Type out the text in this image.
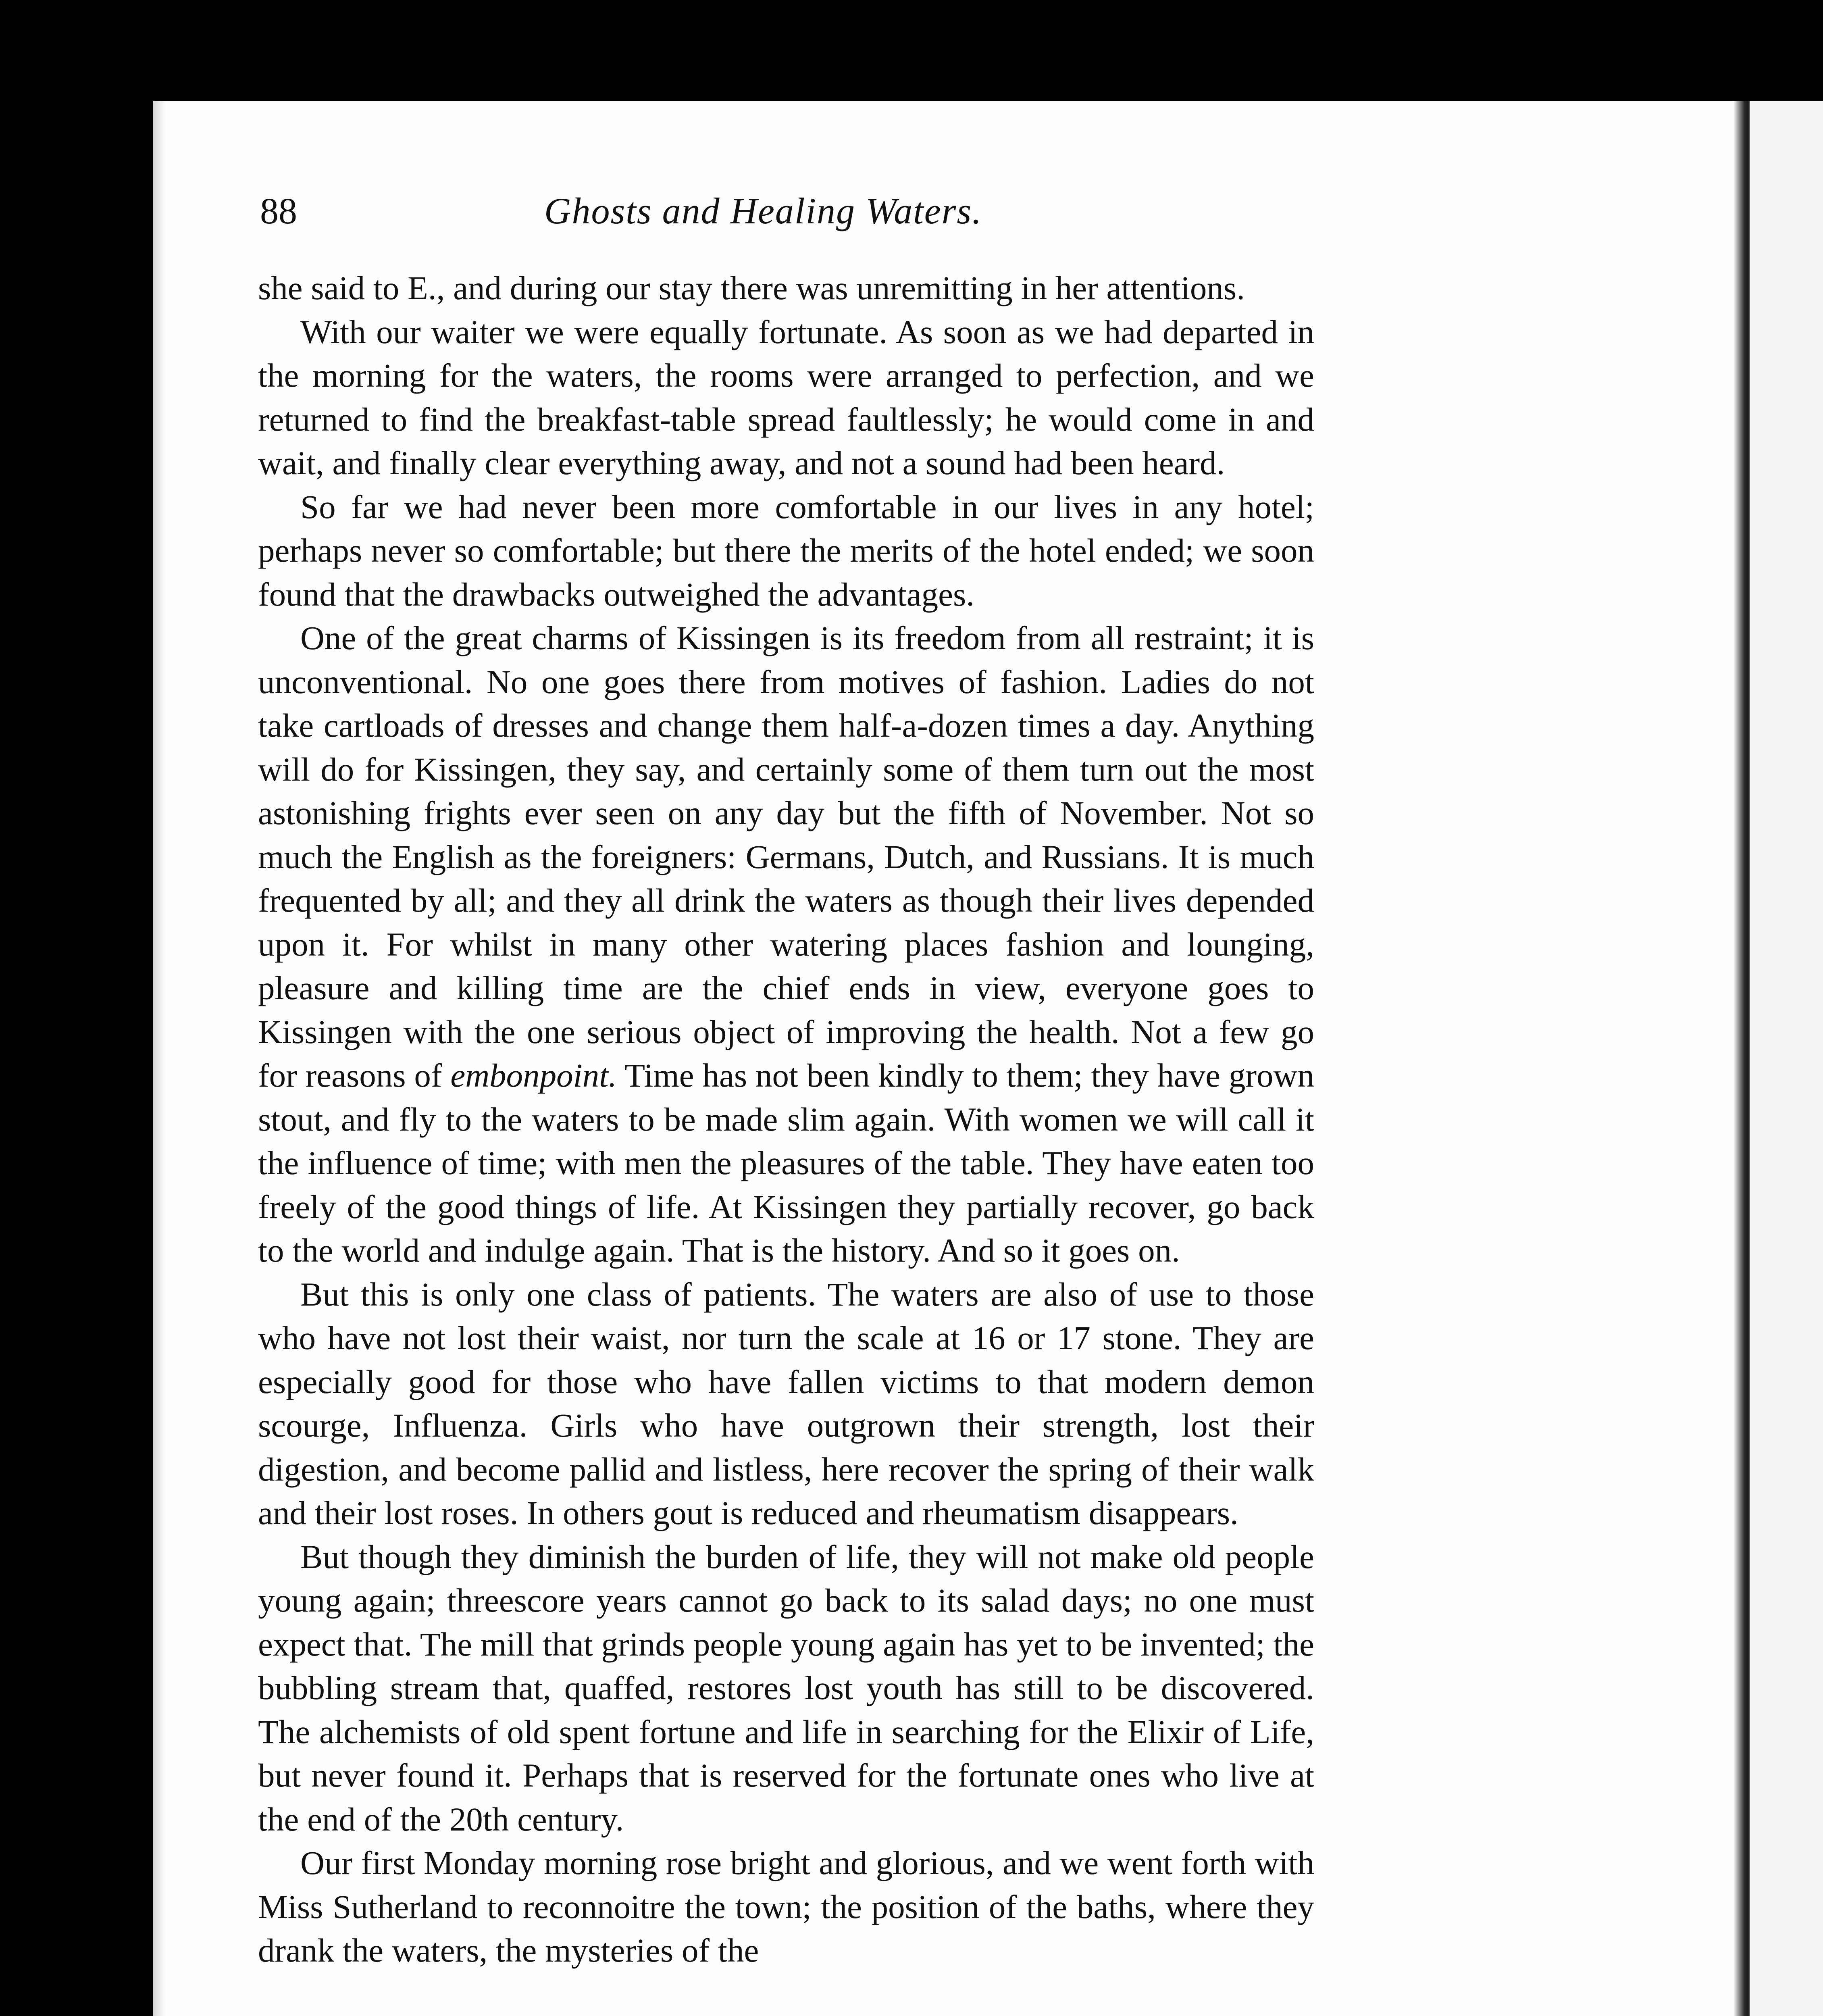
88	Ghosts and Healing Waters.

she said to E., and during our stay there was unremitting in her attentions.

With our waiter we were equally fortunate. As soon as we had departed in the morning for the waters, the rooms were arranged to perfection, and we returned to find the breakfast-table spread faultlessly; he would come in and wait, and finally clear everything away, and not a sound had been heard.

So far we had never been more comfortable in our lives in any hotel; perhaps never so comfortable; but there the merits of the hotel ended; we soon found that the drawbacks outweighed the advantages.

One of the great charms of Kissingen is its freedom from all restraint; it is unconventional. No one goes there from motives of fashion. Ladies do not take cartloads of dresses and change them half-a-dozen times a day. Anything will do for Kissingen, they say, and certainly some of them turn out the most astonishing frights ever seen on any day but the fifth of November. Not so much the English as the foreigners: Germans, Dutch, and Russians. It is much frequented by all; and they all drink the waters as though their lives depended upon it. For whilst in many other watering places fashion and lounging, pleasure and killing time are the chief ends in view, everyone goes to Kissingen with the one serious object of improving the health. Not a few go for reasons of embonpoint. Time has not been kindly to them; they have grown stout, and fly to the waters to be made slim again. With women we will call it the influence of time; with men the pleasures of the table. They have eaten too freely of the good things of life. At Kissingen they partially recover, go back to the world and indulge again. That is the history. And so it goes on.

But this is only one class of patients. The waters are also of use to those who have not lost their waist, nor turn the scale at 16 or 17 stone. They are especially good for those who have fallen victims to that modern demon scourge, Influenza. Girls who have outgrown their strength, lost their digestion, and become pallid and listless, here recover the spring of their walk and their lost roses. In others gout is reduced and rheumatism disappears.

But though they diminish the burden of life, they will not make old people young again; threescore years cannot go back to its salad days; no one must expect that. The mill that grinds people young again has yet to be invented; the bubbling stream that, quaffed, restores lost youth has still to be discovered. The alchemists of old spent fortune and life in searching for the Elixir of Life, but never found it. Perhaps that is reserved for the fortunate ones who live at the end of the 20th century.

Our first Monday morning rose bright and glorious, and we went forth with Miss Sutherland to reconnoitre the town; the position of the baths, where they drank the waters, the mysteries of the
